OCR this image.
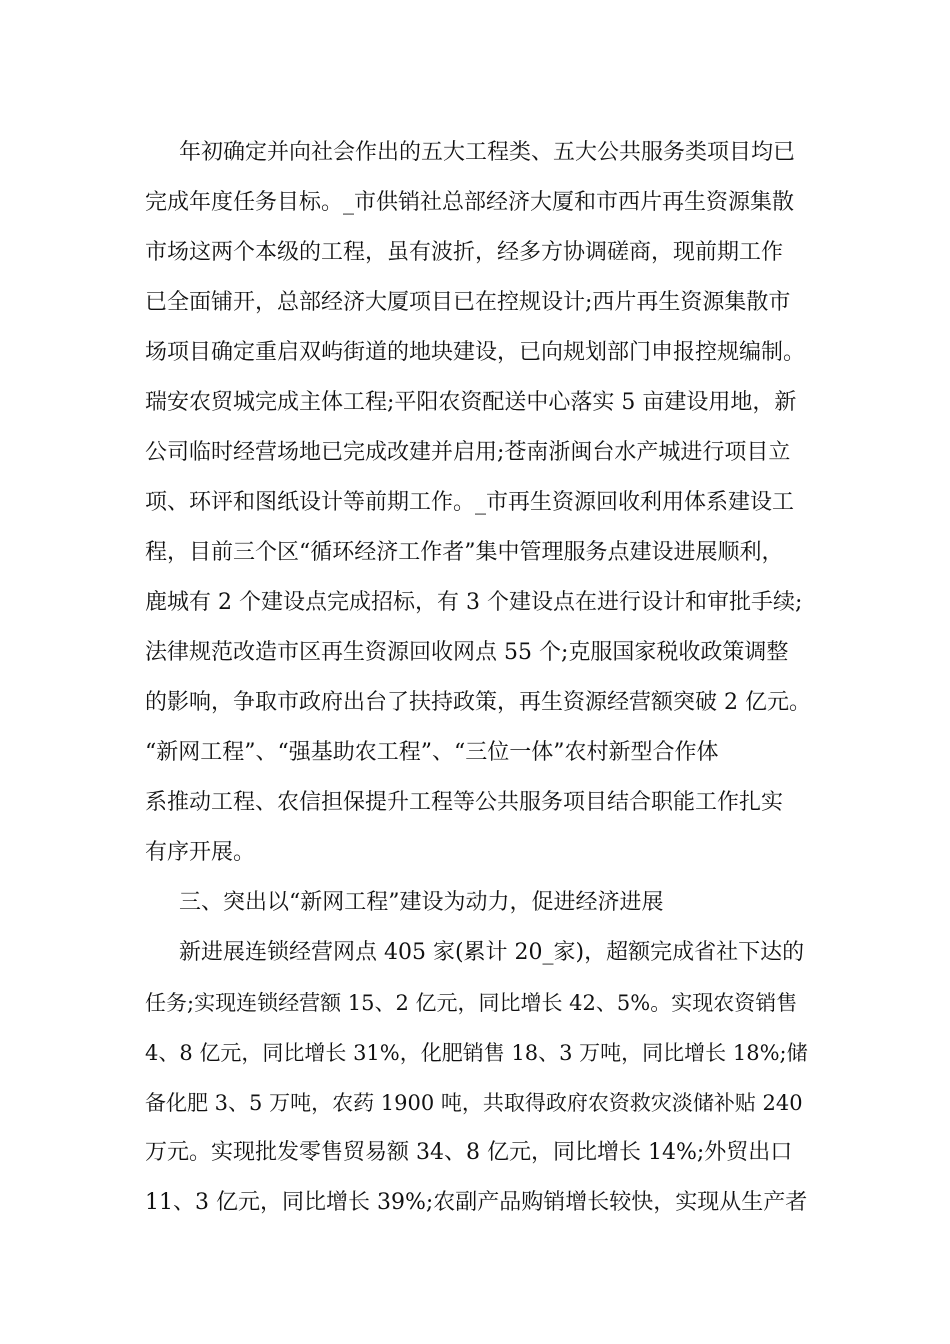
年初确定并向社会作出的五大工程类、五大公共服务类项目均已
完成年度任务目标。_市供销社总部经济大厦和市西片再生资源集散
市场这两个本级的工程，虽有波折，经多方协调磋商，现前期工作
已全面铺开，总部经济大厦项目已在控规设计;西片再生资源集散市
场项目确定重启双屿街道的地块建设，已向规划部门申报控规编制。
瑞安农贸城完成主体工程;平阳农资配送中心落实 5 亩建设用地，新
公司临时经营场地已完成改建并启用;苍南浙闽台水产城进行项目立
项、环评和图纸设计等前期工作。_市再生资源回收利用体系建设工
程，目前三个区“循环经济工作者”集中管理服务点建设进展顺利，
鹿城有 2 个建设点完成招标，有 3 个建设点在进行设计和审批手续;
法律规范改造市区再生资源回收网点 55 个;克服国家税收政策调整
的影响，争取市政府出台了扶持政策，再生资源经营额突破 2 亿元。
“新网工程”、“强基助农工程”、“三位一体”农村新型合作体
系推动工程、农信担保提升工程等公共服务项目结合职能工作扎实
有序开展。
三、突出以“新网工程”建设为动力，促进经济进展
新进展连锁经营网点 405 家(累计 20_家)，超额完成省社下达的
任务;实现连锁经营额 15、2 亿元，同比增长 42、5%。实现农资销售
4、8 亿元，同比增长 31%，化肥销售 18、3 万吨，同比增长 18%;储
备化肥 3、5 万吨，农药 1900 吨，共取得政府农资救灾淡储补贴 240
万元。实现批发零售贸易额 34、8 亿元，同比增长 14%;外贸出口
11、3 亿元，同比增长 39%;农副产品购销增长较快，实现从生产者
